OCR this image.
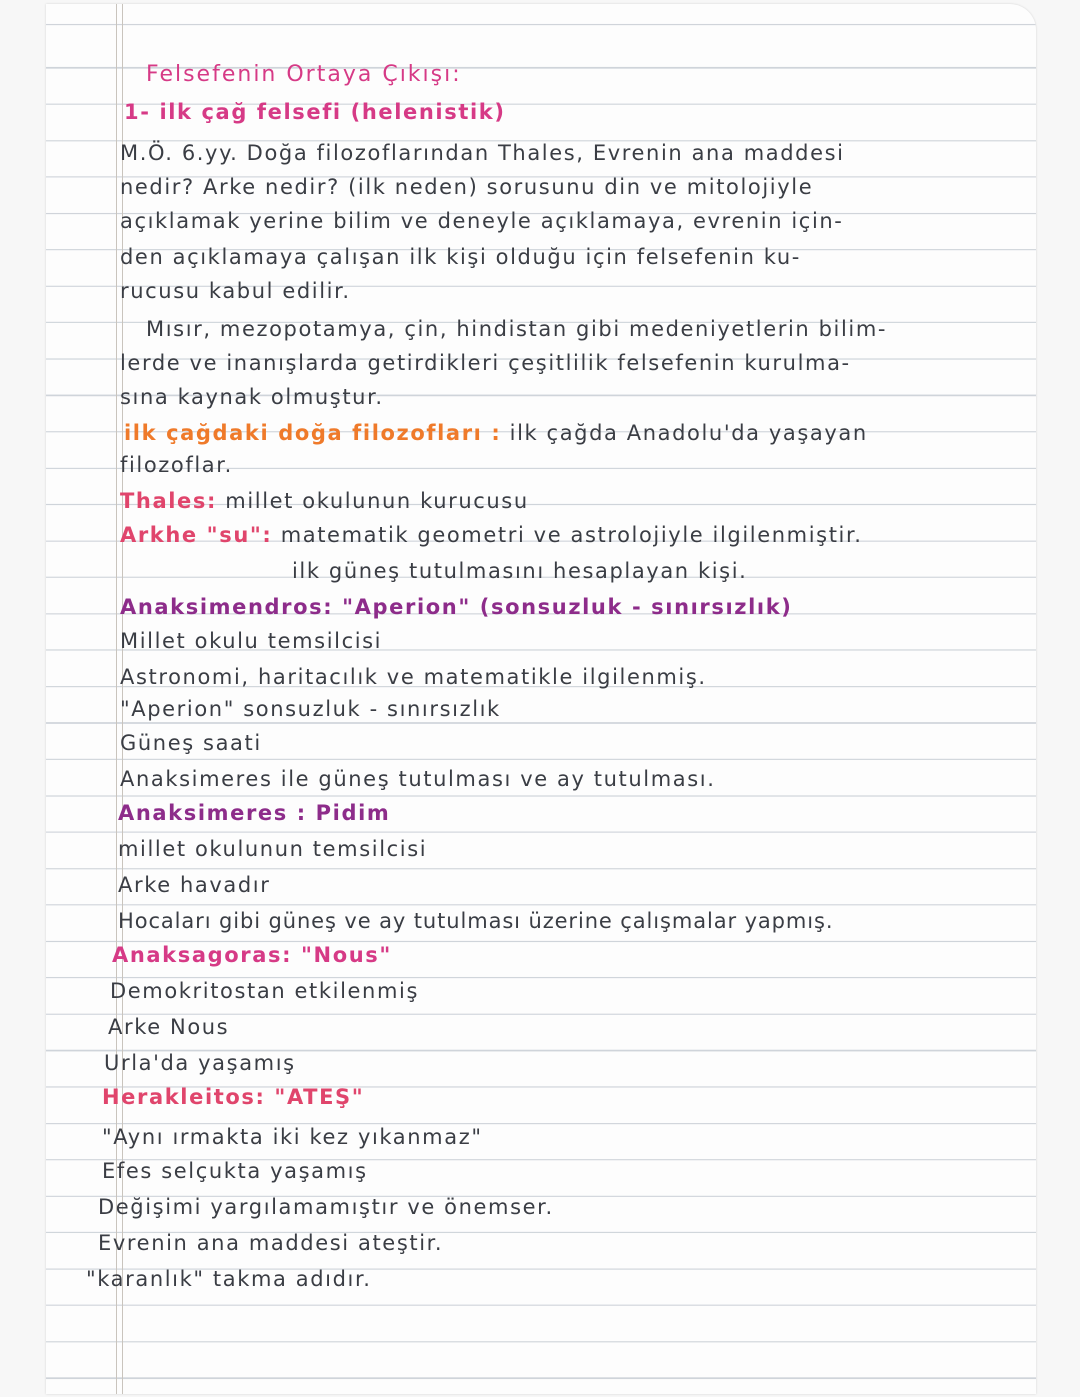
Felsefenin Ortaya Çıkışı:
1- ilk çağ felsefi (helenistik)
M.Ö. 6.yy. Doğa filozoflarından Thales, Evrenin ana maddesi
nedir? Arke nedir? (ilk neden) sorusunu din ve mitolojiyle
açıklamak yerine bilim ve deneyle açıklamaya, evrenin için-
den açıklamaya çalışan ilk kişi olduğu için felsefenin ku-
rucusu kabul edilir.
Mısır, mezopotamya, çin, hindistan gibi medeniyetlerin bilim-
lerde ve inanışlarda getirdikleri çeşitlilik felsefenin kurulma-
sına kaynak olmuştur.
ilk çağdaki doğa filozofları : ilk çağda Anadolu'da yaşayan
filozoflar.
Thales: millet okulunun kurucusu
Arkhe "su": matematik geometri ve astrolojiyle ilgilenmiştir.
ilk güneş tutulmasını hesaplayan kişi.
Anaksimendros: "Aperion" (sonsuzluk - sınırsızlık)
Millet okulu temsilcisi
Astronomi, haritacılık ve matematikle ilgilenmiş.
"Aperion" sonsuzluk - sınırsızlık
Güneş saati
Anaksimeres ile güneş tutulması ve ay tutulması.
Anaksimeres : Pidim
millet okulunun temsilcisi
Arke havadır
Hocaları gibi güneş ve ay tutulması üzerine çalışmalar yapmış.
Anaksagoras: "Nous"
Demokritostan etkilenmiş
Arke Nous
Urla'da yaşamış
Herakleitos: "ATEŞ"
"Aynı ırmakta iki kez yıkanmaz"
Efes selçukta yaşamış
Değişimi yargılamamıştır ve önemser.
Evrenin ana maddesi ateştir.
"karanlık" takma adıdır.
